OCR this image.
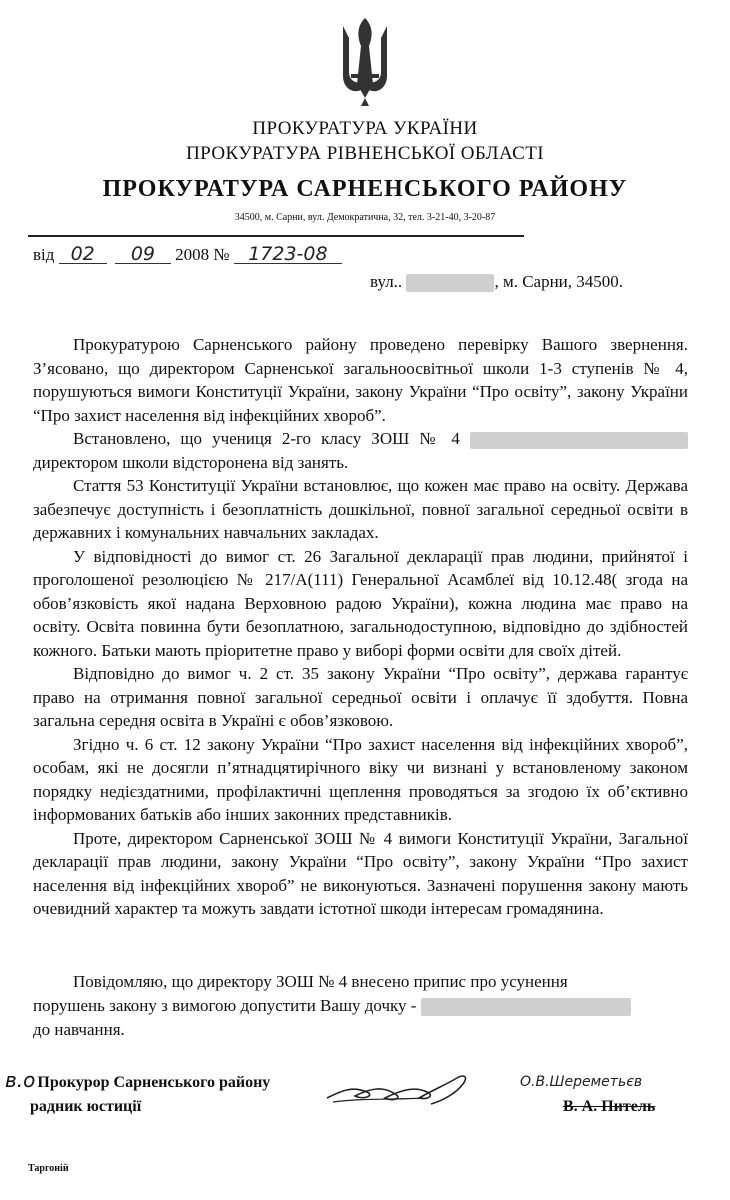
ПРОКУРАТУРА УКРАЇНИ
ПРОКУРАТУРА РІВНЕНСЬКОЇ ОБЛАСТІ
ПРОКУРАТУРА САРНЕНСЬКОГО РАЙОНУ
34500, м. Сарни, вул. Демократична, 32, тел. 3-21-40, 3-20-87
від 02 09 2008 № 1723-08
вул..	, м. Сарни, 34500.

Прокуратурою Сарненського району проведено перевірку Вашого звернення. З’ясовано, що директором Сарненської загальноосвітньої школи 1-3 ступенів № 4, порушуються вимоги Конституції України, закону України “Про освіту”, закону України “Про захист населення від інфекційних хвороб”.

Встановлено, що учениця 2-го класу ЗОШ № 4  директором школи відсторонена від занять.

Стаття 53 Конституції України встановлює, що кожен має право на освіту. Держава забезпечує доступність і безоплатність дошкільної, повної загальної середньої освіти в державних і комунальних навчальних закладах.

У відповідності до вимог ст. 26 Загальної декларації прав людини, прийнятої і проголошеної резолюцією № 217/А(111) Генеральної Асамблеї від 10.12.48( згода на обов’язковість якої надана Верховною радою України), кожна людина має право на освіту. Освіта повинна бути безоплатною, загальнодоступною, відповідно до здібностей кожного. Батьки мають пріоритетне право у виборі форми освіти для своїх дітей.

Відповідно до вимог ч. 2 ст. 35 закону України “Про освіту”, держава гарантує право на отримання повної загальної середньої освіти і оплачує її здобуття. Повна загальна середня освіта в Україні є обов’язковою.

Згідно ч. 6 ст. 12 закону України “Про захист населення від інфекційних хвороб”, особам, які не досягли п’ятнадцятирічного віку чи визнані у встановленому законом порядку недієздатними, профілактичні щеплення проводяться за згодою їх об’єктивно інформованих батьків або інших законних представників.

Проте, директором Сарненської ЗОШ № 4 вимоги Конституції України, Загальної декларації прав людини, закону України “Про освіту”, закону України “Про захист населення від інфекційних хвороб” не виконуються. Зазначені порушення закону мають очевидний характер та можуть завдати істотної шкоди інтересам громадянина.

Повідомляю, що директору ЗОШ № 4 внесено припис про усунення

порушень закону з вимогою допустити Вашу дочку -
до навчання.
в.о Прокурор Сарненського району
радник юстиції
О.В.Шереметьєв
В. А. Питель
Таргоній
